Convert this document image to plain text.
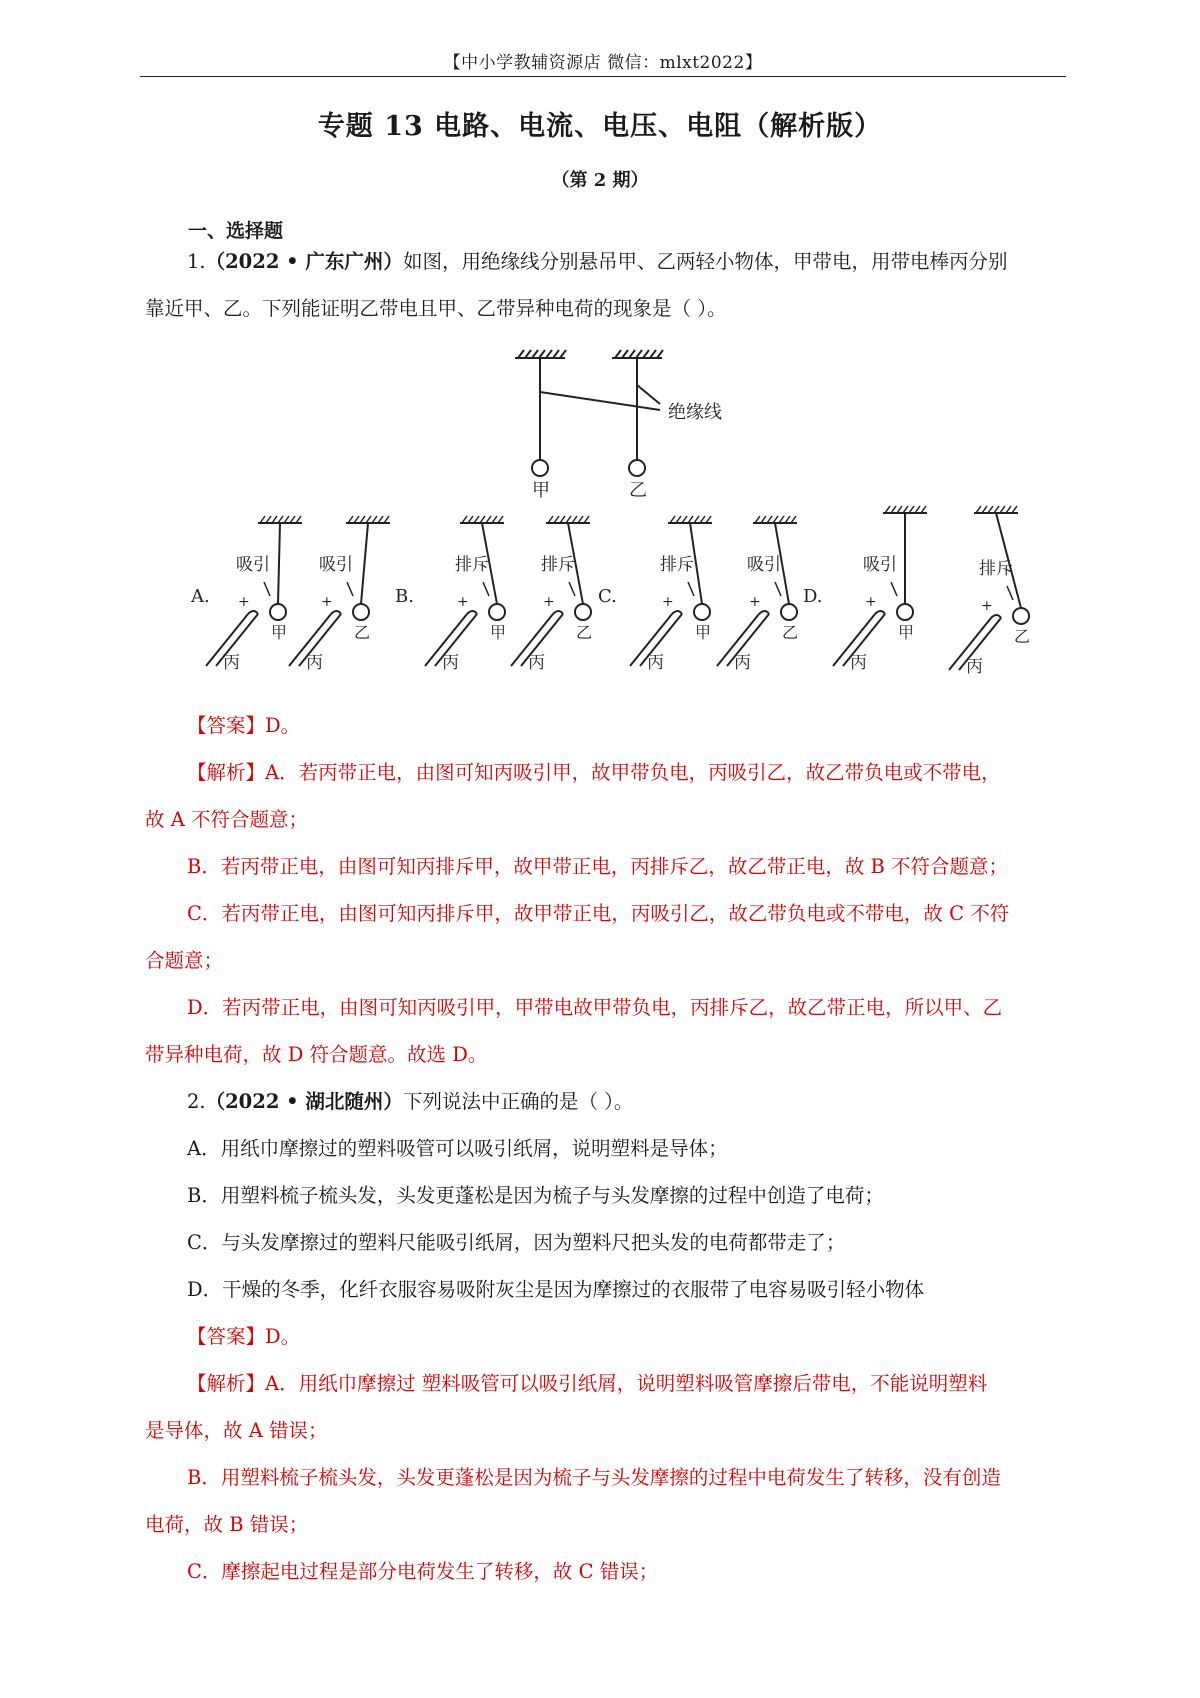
【中小学教辅资源店 微信：mlxt2022】
专题 13 电路、电流、电压、电阻（解析版）
（第 2 期）
一、选择题
1.（2022 • 广东广州）如图，用绝缘线分别悬吊甲、乙两轻小物体，甲带电，用带电棒丙分别
靠近甲、乙。下列能证明乙带电且甲、乙带异种电荷的现象是（ ）。
绝缘线
甲	乙
A. +
丙
吸引
甲
+
丙
吸引
乙
B.	+
丙
排斥
甲
+
丙
排斥
乙
C.	+
丙
排斥
甲
+
丙
吸引
乙
D.	+
丙
吸引
甲
+
丙
排斥
乙
【答案】D。
【解析】A．若丙带正电，由图可知丙吸引甲，故甲带负电，丙吸引乙，故乙带负电或不带电，
故 A 不符合题意；
B．若丙带正电，由图可知丙排斥甲，故甲带正电，丙排斥乙，故乙带正电，故 B 不符合题意；
C．若丙带正电，由图可知丙排斥甲，故甲带正电，丙吸引乙，故乙带负电或不带电，故 C 不符
合题意；
D．若丙带正电，由图可知丙吸引甲，甲带电故甲带负电，丙排斥乙，故乙带正电，所以甲、乙
带异种电荷，故 D 符合题意。故选 D。
2.（2022 • 湖北随州）下列说法中正确的是（ ）。
A．用纸巾摩擦过的塑料吸管可以吸引纸屑，说明塑料是导体；
B．用塑料梳子梳头发，头发更蓬松是因为梳子与头发摩擦的过程中创造了电荷；
C．与头发摩擦过的塑料尺能吸引纸屑，因为塑料尺把头发的电荷都带走了；
D．干燥的冬季，化纤衣服容易吸附灰尘是因为摩擦过的衣服带了电容易吸引轻小物体
【答案】D。
【解析】A．用纸巾摩擦过 塑料吸管可以吸引纸屑，说明塑料吸管摩擦后带电，不能说明塑料
是导体，故 A 错误；
B．用塑料梳子梳头发，头发更蓬松是因为梳子与头发摩擦的过程中电荷发生了转移，没有创造
电荷，故 B 错误；
C．摩擦起电过程是部分电荷发生了转移，故 C 错误；
